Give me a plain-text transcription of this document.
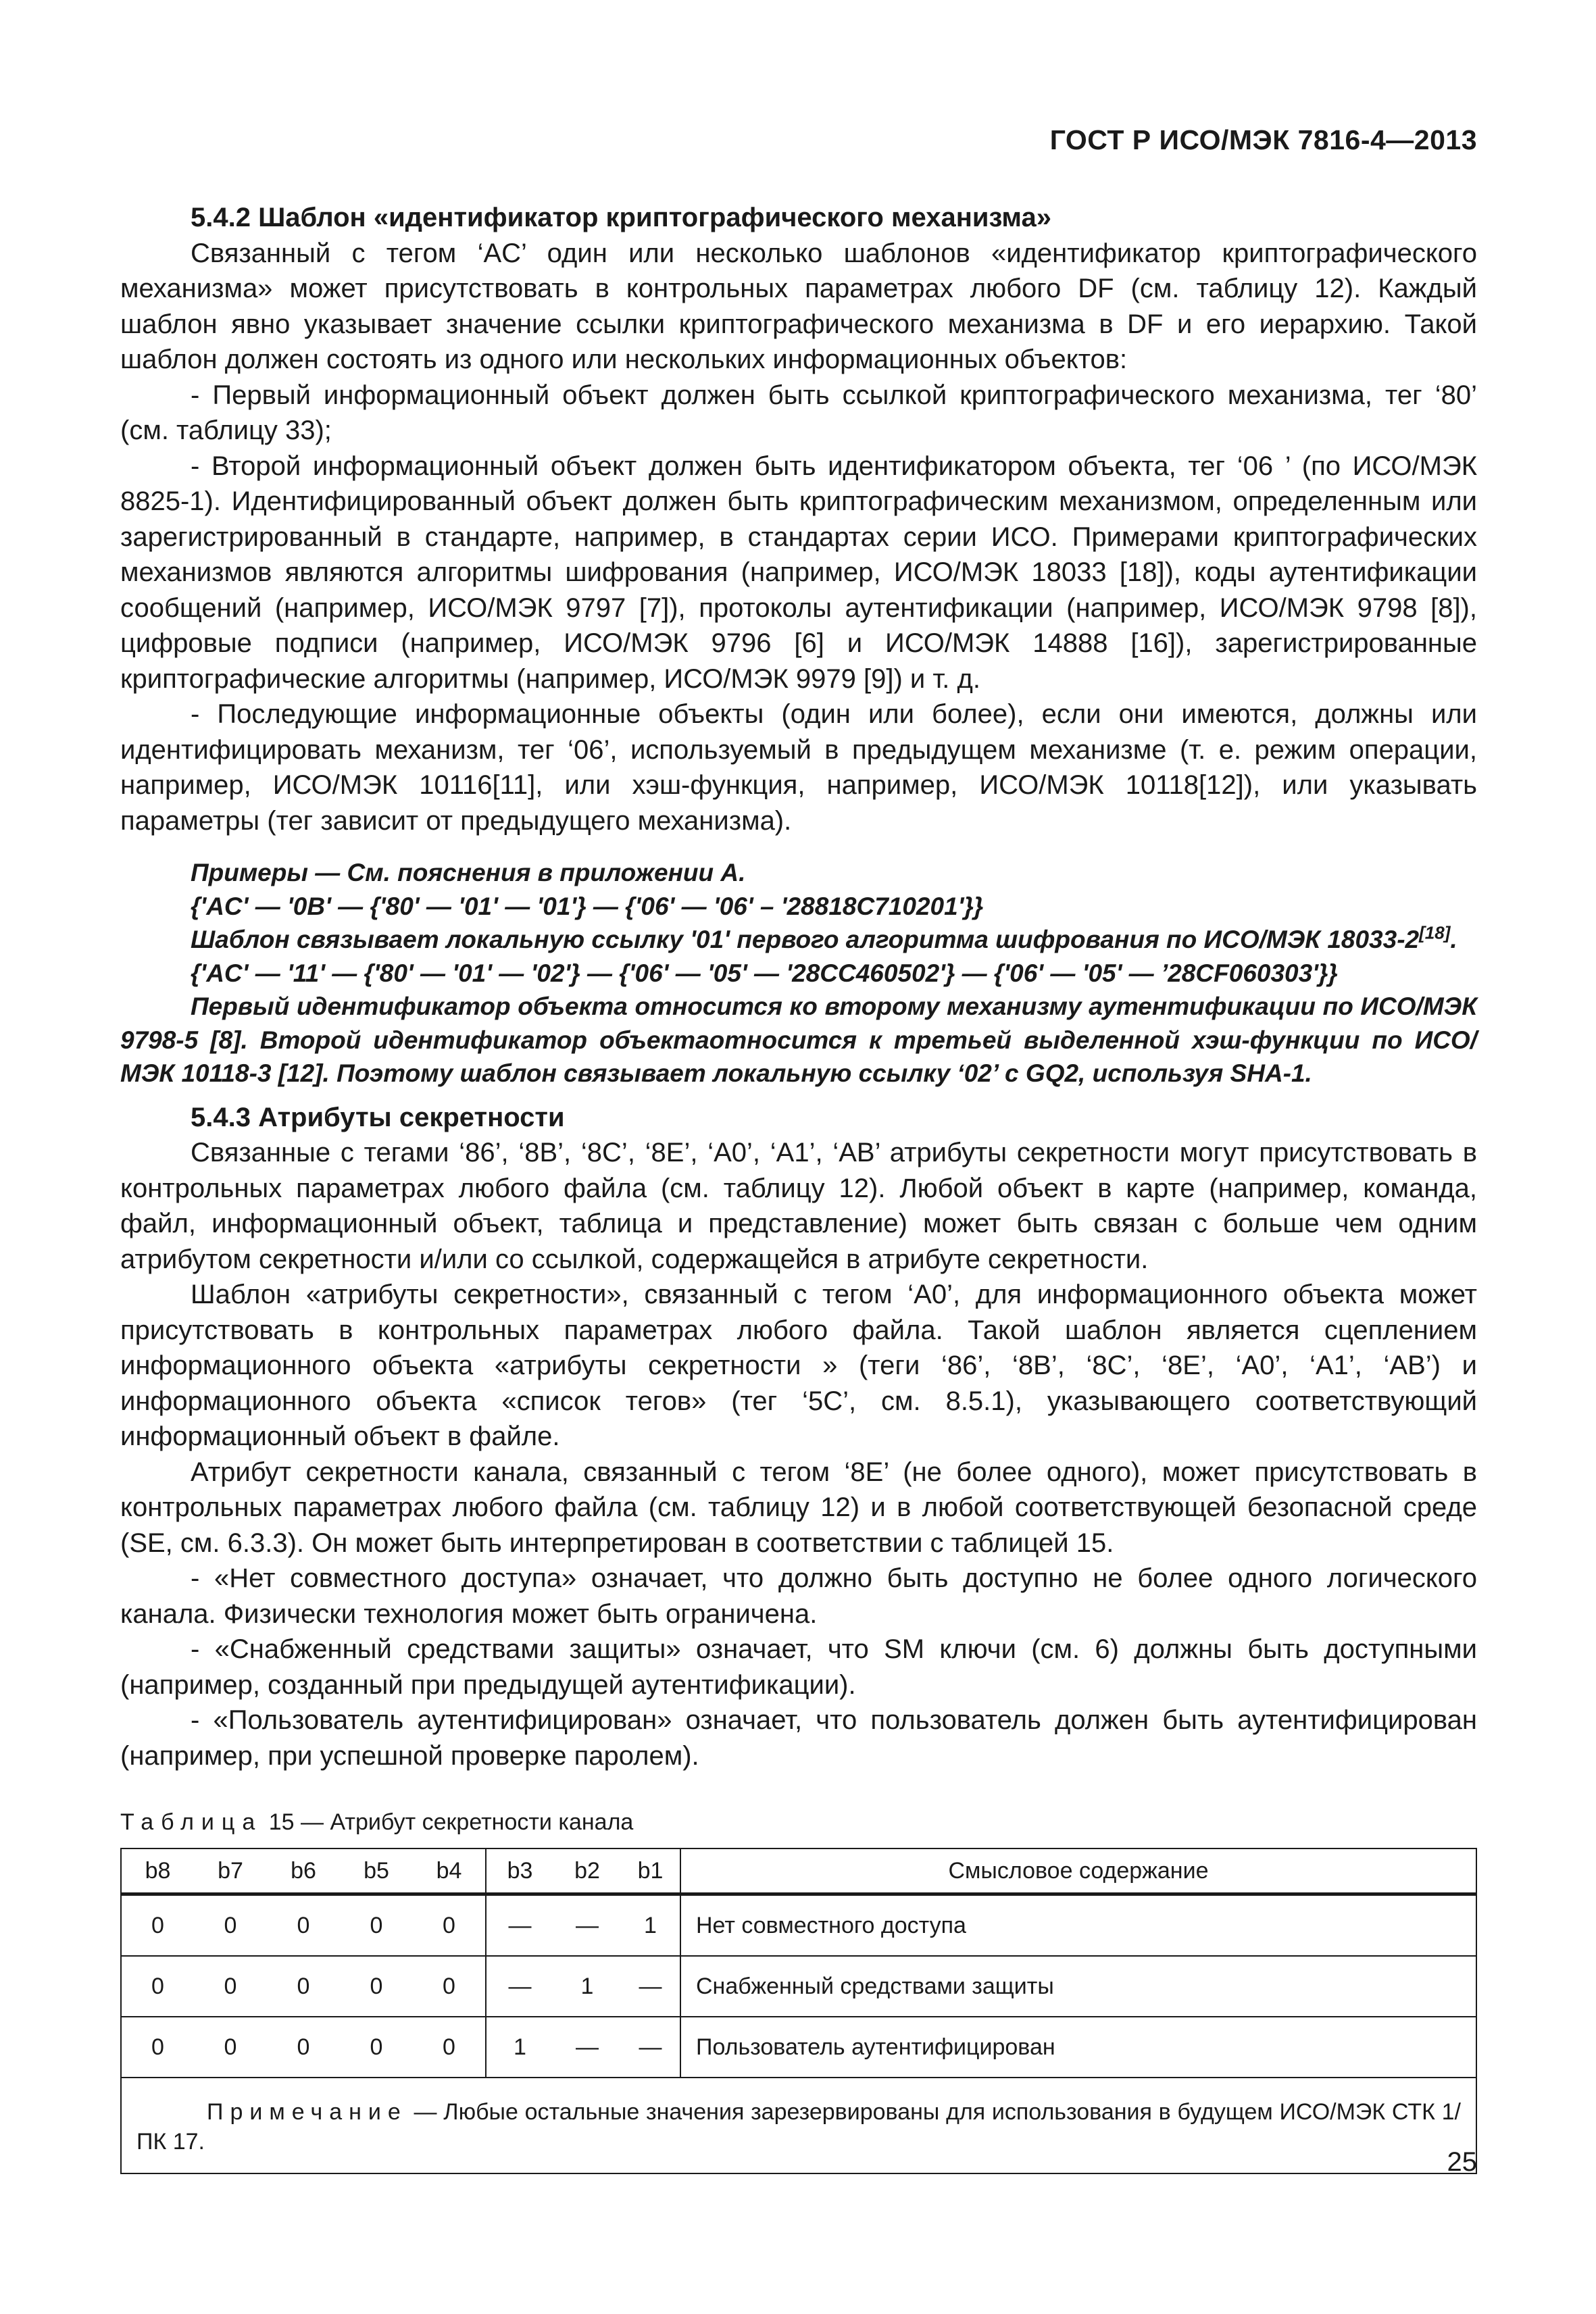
ГОСТ Р ИСО/МЭК 7816-4—2013
5.4.2 Шаблон «идентификатор криптографического механизма»

Связанный с тегом ‘AC’ один или несколько шаблонов «идентификатор криптографического механизма» может присутствовать в контрольных параметрах любого DF (см. таблицу 12). Каждый шаблон явно указывает значение ссылки криптографического механизма в DF и его иерархию. Такой шаблон должен состоять из одного или нескольких информационных объектов:

- Первый информационный объект должен быть ссылкой криптографического механизма, тег ‘80’ (см. таблицу 33);

- Второй информационный объект должен быть идентификатором объекта, тег ‘06 ’ (по ИСО/МЭК 8825-1). Идентифицированный объект должен быть криптографическим механизмом, определенным или зарегистрированный в стандарте, например, в стандартах серии ИСО. Примерами криптографических механизмов являются алгоритмы шифрования (например, ИСО/МЭК 18033 [18]), коды аутентификации сообщений (например, ИСО/МЭК 9797 [7]), протоколы аутентификации (например, ИСО/МЭК 9798 [8]), цифровые подписи (например, ИСО/МЭК 9796 [6] и ИСО/МЭК 14888 [16]), зарегистрированные криптографические алгоритмы (например, ИСО/МЭК 9979 [9]) и т. д.

- Последующие информационные объекты (один или более), если они имеются, должны или идентифицировать механизм, тег ‘06’, используемый в предыдущем механизме (т. е. режим операции, например, ИСО/МЭК 10116[11], или хэш-функция, например, ИСО/МЭК 10118[12]), или указывать параметры (тег зависит от предыдущего механизма).

Примеры — См. пояснения в приложении А.

{'AC' — '0B' — {'80' — '01' — '01'} — {'06' — '06' – '28818C710201'}}

Шаблон связывает локальную ссылку '01' первого алгоритма шифрования по ИСО/МЭК 18033-2[18].

{'AC' — '11' — {'80' — '01' — '02'} — {'06' — '05' — '28CC460502'} — {'06' — '05' — ’28CF060303'}}

Первый идентификатор объекта относится ко второму механизму аутентификации по ИСО/МЭК 9798-5 [8]. Второй идентификатор объектаотносится к третьей выделенной хэш-функции по ИСО/МЭК 10118-3 [12]. Поэтому шаблон связывает локальную ссылку ‘02’ с GQ2, используя SHA-1.

5.4.3 Атрибуты секретности

Связанные с тегами ‘86’, ‘8B’, ‘8C’, ‘8E’, ‘A0’, ‘A1’, ‘AB’ атрибуты секретности могут присутствовать в контрольных параметрах любого файла (см. таблицу 12). Любой объект в карте (например, команда, файл, информационный объект, таблица и представление) может быть связан с больше чем одним атрибутом секретности и/или со ссылкой, содержащейся в атрибуте секретности.

Шаблон «атрибуты секретности», связанный с тегом ‘A0’, для информационного объекта может присутствовать в контрольных параметрах любого файла. Такой шаблон является сцеплением информационного объекта «атрибуты секретности » (теги ‘86’, ‘8B’, ‘8C’, ‘8E’, ‘A0’, ‘A1’, ‘AB’) и информационного объекта «список тегов» (тег ‘5C’, см. 8.5.1), указывающего соответствующий информационный объект в файле.

Атрибут секретности канала, связанный с тегом ‘8E’ (не более одного), может присутствовать в контрольных параметрах любого файла (см. таблицу 12) и в любой соответствующей безопасной среде (SE, см. 6.3.3). Он может быть интерпретирован в соответствии с таблицей 15.

- «Нет совместного доступа» означает, что должно быть доступно не более одного логического канала. Физически технология может быть ограничена.

- «Снабженный средствами защиты» означает, что SM ключи (см. 6) должны быть доступными (например, созданный при предыдущей аутентификации).

- «Пользователь аутентифицирован» означает, что пользователь должен быть аутентифицирован (например, при успешной проверке паролем).

Таблица 15 — Атрибут секретности канала
b8	b7	b6	b5	b4	b3	b2	b1	Смысловое содержание
0	0	0	0	0	—	—	1	Нет совместного доступа
0	0	0	0	0	—	1	—	Снабженный средствами защиты
0	0	0	0	0	1	—	—	Пользователь аутентифицирован
Примечание — Любые остальные значения зарезервированы для использования в будущем ИСО/МЭК СТК 1/ПК 17.								
25
